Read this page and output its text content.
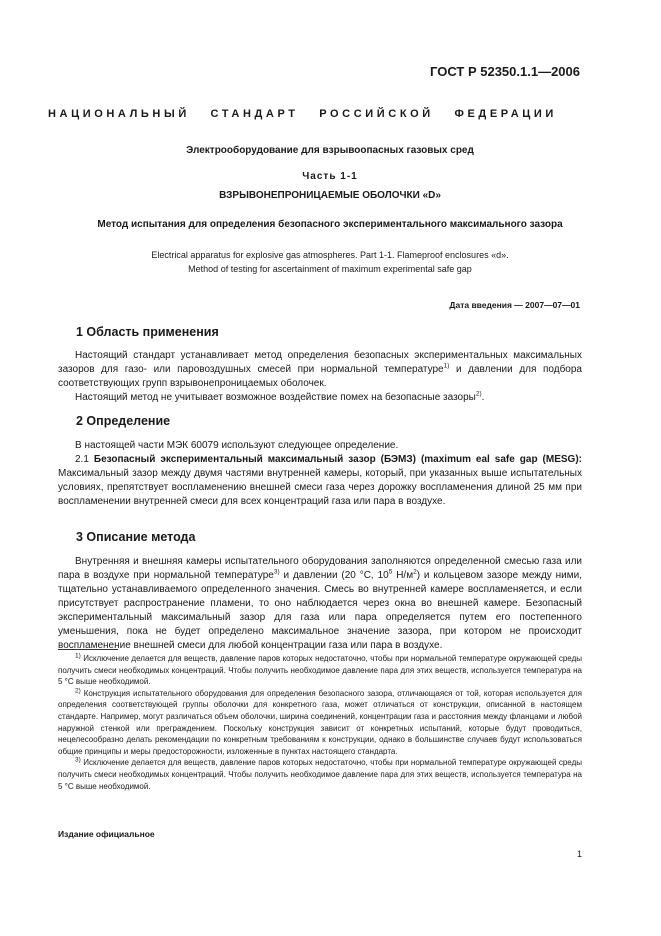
ГОСТ Р 52350.1.1—2006
НАЦИОНАЛЬНЫЙ СТАНДАРТ РОССИЙСКОЙ ФЕДЕРАЦИИ
Электрооборудование для взрывоопасных газовых сред
Часть 1-1
ВЗРЫВОНЕПРОНИЦАЕМЫЕ ОБОЛОЧКИ «D»
Метод испытания для определения безопасного экспериментального максимального зазора
Electrical apparatus for explosive gas atmospheres. Part 1-1. Flameproof enclosures «d».
Method of testing for ascertainment of maximum experimental safe gap
Дата введения — 2007—07—01
1 Область применения

Настоящий стандарт устанавливает метод определения безопасных экспериментальных максимальных зазоров для газо- или паровоздушных смесей при нормальной температуре$^{1)}$ и давлении для подбора соответствующих групп взрывонепроницаемых оболочек.

Настоящий метод не учитывает возможное воздействие помех на безопасные зазоры$^{2)}$.

2 Определение

В настоящей части МЭК 60079 используют следующее определение.

2.1 Безопасный экспериментальный максимальный зазор (БЭМЗ) (maximum eal safe gap (MESG): Максимальный зазор между двумя частями внутренней камеры, который, при указанных выше испытательных условиях, препятствует воспламенению внешней смеси газа через дорожку воспламенения длиной 25 мм при воспламенении внутренней смеси для всех концентраций газа или пара в воздухе.

3 Описание метода

Внутренняя и внешняя камеры испытательного оборудования заполняются определенной смесью газа или пара в воздухе при нормальной температуре$^{3)}$ и давлении (20 °С, $10^5$ $Н/м^2$) и кольцевом зазоре между ними, тщательно устанавливаемого определенного значения. Смесь во внутренней камере воспламеняется, и если присутствует распространение пламени, то оно наблюдается через окна во внешней камере. Безопасный экспериментальный максимальный зазор для газа или пара определяется путем его постепенного уменьшения, пока не будет определено максимальное значение зазора, при котором не происходит воспламенение внешней смеси для любой концентрации газа или пара в воздухе.

$^{1)}$ Исключение делается для веществ, давление паров которых недостаточно, чтобы при нормальной температуре окружающей среды получить смеси необходимых концентраций. Чтобы получить необходимое давление пара для этих веществ, используется температура на 5 °С выше необходимой.

$^{2)}$ Конструкция испытательного оборудования для определения безопасного зазора, отличающаяся от той, которая используется для определения соответствующей группы оболочки для конкретного газа, может отличаться от конструкции, описанной в настоящем стандарте. Например, могут различаться объем оболочки, ширина соединений, концентрации газа и расстояния между фланцами и любой наружной стенкой или преграждением. Поскольку конструкция зависит от конкретных испытаний, которые будут проводиться, нецелесообразно делать рекомендации по конкретным требованиям к конструкции, однако в большинстве случаев будут использоваться общие принципы и меры предосторожности, изложенные в пунктах настоящего стандарта.

$^{3)}$ Исключение делается для веществ, давление паров которых недостаточно, чтобы при нормальной температуре окружающей среды получить смеси необходимых концентраций. Чтобы получить необходимое давление пара для этих веществ, используется температура на 5 °С выше необходимой.

Издание официальное
1
